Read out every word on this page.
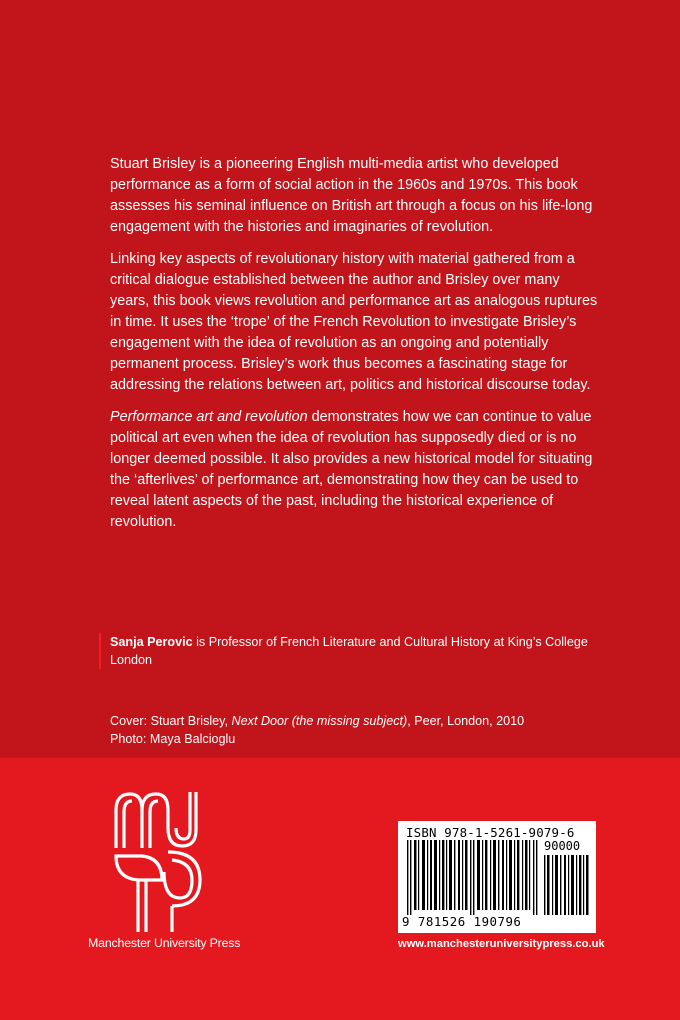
Stuart Brisley is a pioneering English multi-media artist who developed performance as a form of social action in the 1960s and 1970s. This book assesses his seminal influence on British art through a focus on his life-long engagement with the histories and imaginaries of revolution.

Linking key aspects of revolutionary history with material gathered from a critical dialogue established between the author and Brisley over many years, this book views revolution and performance art as analogous ruptures in time. It uses the ‘trope’ of the French Revolution to investigate Brisley’s engagement with the idea of revolution as an ongoing and potentially permanent process. Brisley’s work thus becomes a fascinating stage for addressing the relations between art, politics and historical discourse today.

Performance art and revolution demonstrates how we can continue to value political art even when the idea of revolution has supposedly died or is no longer deemed possible. It also provides a new historical model for situating the ‘afterlives’ of performance art, demonstrating how they can be used to reveal latent aspects of the past, including the historical experience of revolution.

Sanja Perovic is Professor of French Literature and Cultural History at King’s College London
Cover: Stuart Brisley, Next Door (the missing subject), Peer, London, 2010
Photo: Maya Balcioglu
Manchester University Press
ISBN 978-1-5261-9079-6
90000
9 781526 190796
www.manchesteruniversitypress.co.uk
